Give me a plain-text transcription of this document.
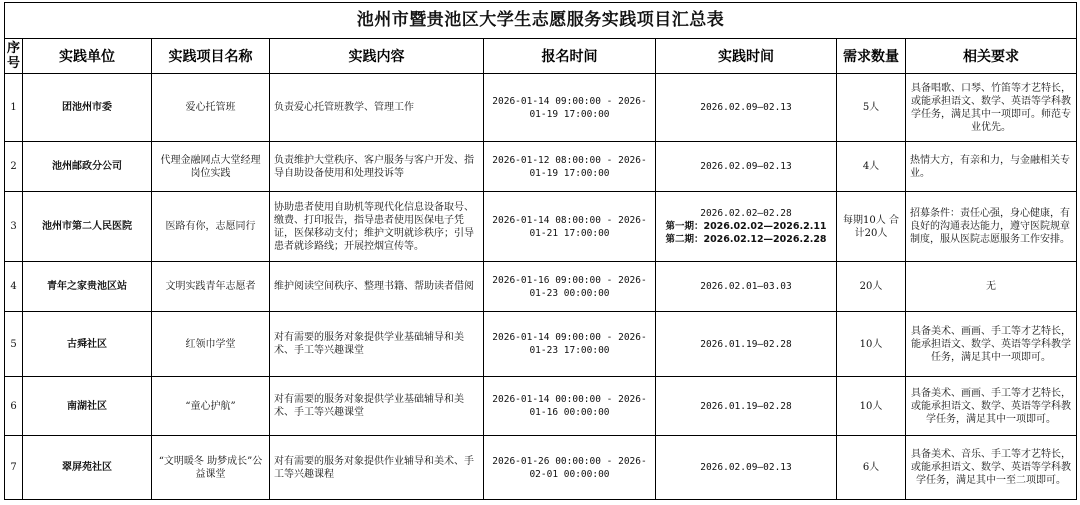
池州市暨贵池区大学生志愿服务实践项目汇总表							
序号	实践单位	实践项目名称	实践内容	报名时间	实践时间	需求数量	相关要求
1	团池州市委	爱心托管班	负责爱心托管班教学、管理工作	2026-01-14 09:00:00 - 2026-01-19 17:00:00	2026.02.09—02.13	5人	具备唱歌、口琴、竹笛等才艺特长，或能承担语文、数学、英语等学科教学任务，满足其中一项即可。师范专业优先。
2	池州邮政分公司	代理金融网点大堂经理岗位实践	负责维护大堂秩序、客户服务与客户开发、指导自助设备使用和处理投诉等	2026-01-12 08:00:00 - 2026-01-19 17:00:00	2026.02.09—02.13	4人	热情大方，有亲和力，与金融相关专业。
3	池州市第二人民医院	医路有你，志愿同行	协助患者使用自助机等现代化信息设备取号、缴费、打印报告，指导患者使用医保电子凭证，医保移动支付；维护文明就诊秩序；引导患者就诊路线；开展控烟宣传等。	2026-01-14 08:00:00 - 2026-01-21 17:00:00	2026.02.02—02.28
第一期：2026.02.02—2026.2.11
第二期：2026.02.12—2026.2.28	每期10人 合计20人	招募条件：责任心强，身心健康，有良好的沟通表达能力，遵守医院规章制度，服从医院志愿服务工作安排。
4	青年之家贵池区站	文明实践青年志愿者	维护阅读空间秩序、整理书籍、帮助读者借阅	2026-01-16 09:00:00 - 2026-01-23 00:00:00	2026.02.01—03.03	20人	无
5	古舜社区	红领巾学堂	对有需要的服务对象提供学业基础辅导和美术、手工等兴趣课堂	2026-01-14 09:00:00 - 2026-01-23 17:00:00	2026.01.19—02.28	10人	具备美术、画画、手工等才艺特长，能承担语文、数学、英语等学科教学任务，满足其中一项即可。
6	南湖社区	“童心护航”	对有需要的服务对象提供学业基础辅导和美术、手工等兴趣课堂	2026-01-14 00:00:00 - 2026-01-16 00:00:00	2026.01.19—02.28	10人	具备美术、画画、手工等才艺特长，或能承担语文、数学、英语等学科教学任务，满足其中一项即可。
7	翠屏苑社区	“文明暖冬 助梦成长”公益课堂	对有需要的服务对象提供作业辅导和美术、手工等兴趣课程	2026-01-26 00:00:00 - 2026-02-01 00:00:00	2026.02.09—02.13	6人	具备美术、音乐、手工等才艺特长，或能承担语文、数学、英语等学科教学任务，满足其中一至二项即可。
